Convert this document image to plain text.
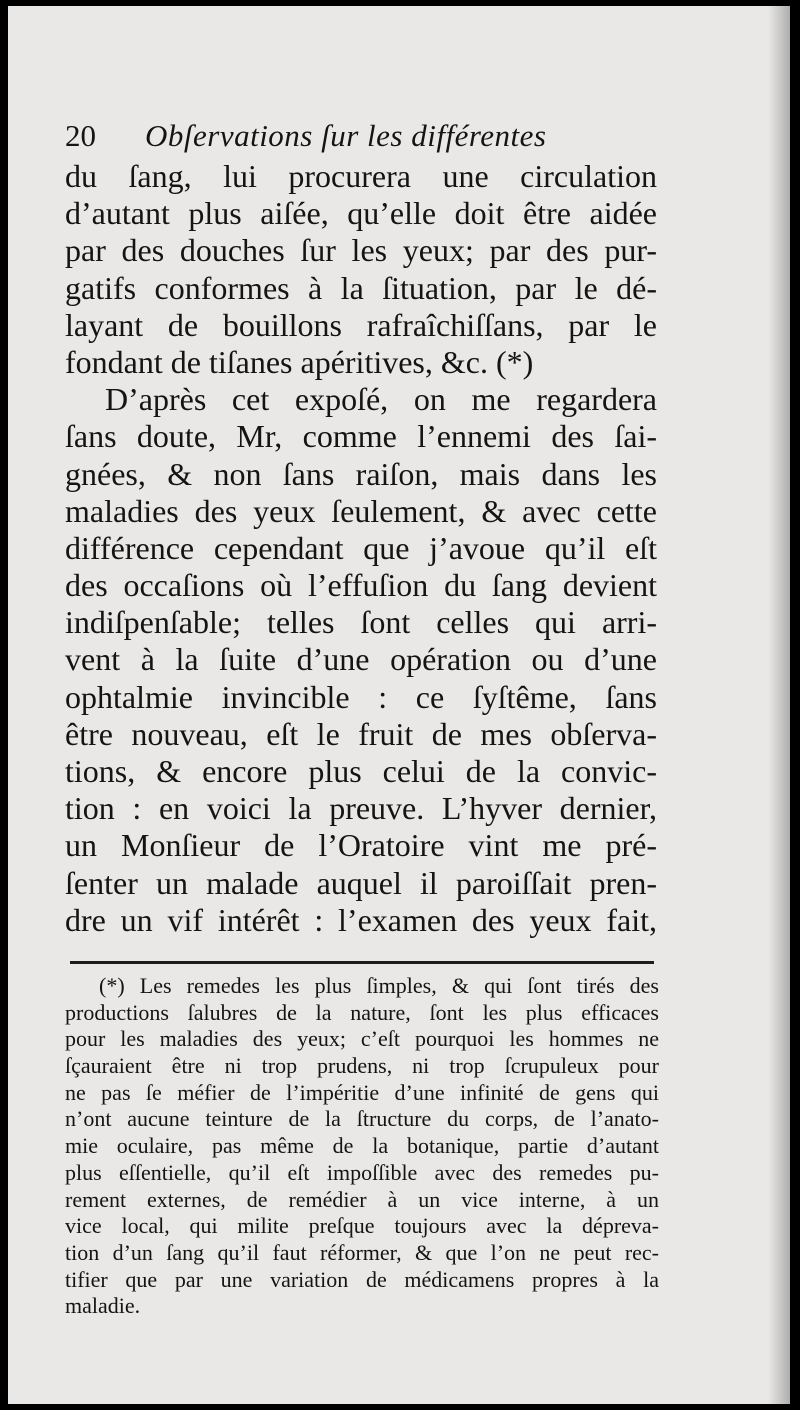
20 Obſervations ſur les différentes
du ſang, lui procurera une circulation
d’autant plus aiſée, qu’elle doit être aidée
par des douches ſur les yeux; par des pur-
gatifs conformes à la ſituation, par le dé-
layant de bouillons rafraîchiſſans, par le
fondant de tiſanes apéritives, &c. (*)
D’après cet expoſé, on me regardera
ſans doute, Mr, comme l’ennemi des ſai-
gnées, & non ſans raiſon, mais dans les
maladies des yeux ſeulement, & avec cette
différence cependant que j’avoue qu’il eſt
des occaſions où l’effuſion du ſang devient
indiſpenſable; telles ſont celles qui arri-
vent à la ſuite d’une opération ou d’une
ophtalmie invincible : ce ſyſtême, ſans
être nouveau, eſt le fruit de mes obſerva-
tions, & encore plus celui de la convic-
tion : en voici la preuve. L’hyver dernier,
un Monſieur de l’Oratoire vint me pré-
ſenter un malade auquel il paroiſſait pren-
dre un vif intérêt : l’examen des yeux fait,
(*) Les remedes les plus ſimples, & qui ſont tirés des
productions ſalubres de la nature, ſont les plus efficaces
pour les maladies des yeux; c’eſt pourquoi les hommes ne
ſçauraient être ni trop prudens, ni trop ſcrupuleux pour
ne pas ſe méfier de l’impéritie d’une infinité de gens qui
n’ont aucune teinture de la ſtructure du corps, de l’anato-
mie oculaire, pas même de la botanique, partie d’autant
plus eſſentielle, qu’il eſt impoſſible avec des remedes pu-
rement externes, de remédier à un vice interne, à un
vice local, qui milite preſque toujours avec la dépreva-
tion d’un ſang qu’il faut réformer, & que l’on ne peut rec-
tifier que par une variation de médicamens propres à la
maladie.
